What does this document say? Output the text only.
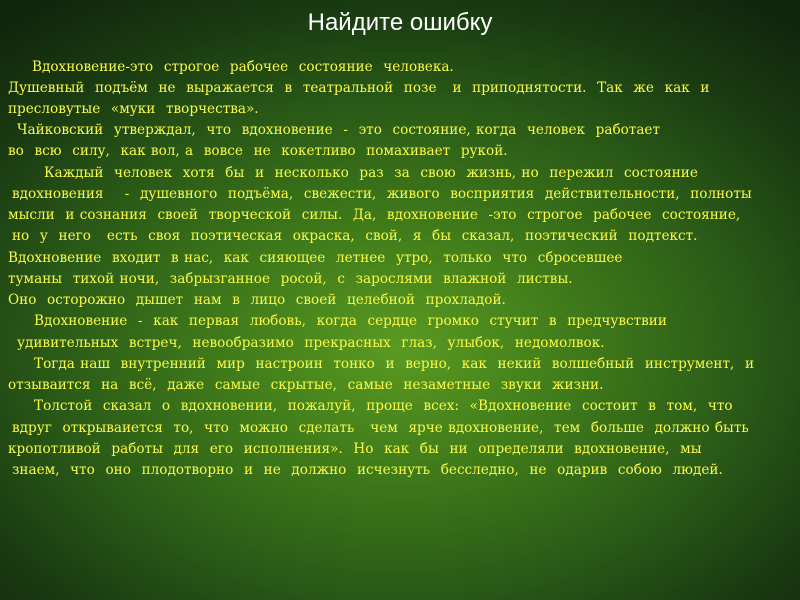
Найдите ошибку
Вдохновение-это  строгое  рабочее  состояние  человека.
Душевный  подъём  не  выражается  в  театральной  позе   и  приподнятости.  Так  же  как  и
пресловутые  «муки  творчества».
Чайковский  утверждал,  что  вдохновение  -  это  состояние, когда  человек  работает
во  всю  силу,  как вол, а  вовсе  не  кокетливо  помахивает  рукой.
Каждый  человек  хотя  бы  и  несколько  раз  за  свою  жизнь, но  пережил  состояние
вдохновения    -  душевного  подъёма,  свежести,  живого  восприятия  действительности,  полноты
мысли  и сознания  своей  творческой  силы.  Да,  вдохновение  -это  строгое  рабочее  состояние,
но  у  него   есть  своя  поэтическая  окраска,  свой,  я  бы  сказал,  поэтический  подтекст.
Вдохновение  входит  в нас,  как  сияющее  летнее  утро,  только  что  сбросевшее
туманы  тихой ночи,  забрызганное  росой,  с  зарослями  влажной  листвы.
Оно  осторожно  дышет  нам  в  лицо  своей  целебной  прохладой.
Вдохновение  -  как  первая  любовь,  когда  сердце  громко  стучит  в  предчувствии
удивительных  встреч,  невообразимо  прекрасных  глаз,  улыбок,  недомолвок.
Тогда наш  внутренний  мир  настроин  тонко  и  верно,  как  некий  волшебный  инструмент,  и
отзываится  на  всё,  даже  самые  скрытые,  самые  незаметные  звуки  жизни.
Толстой  сказал  о  вдохновении,  пожалуй,  проще  всех:  «Вдохновение  состоит  в  том,  что
вдруг  открываиется  то,  что  можно  сделать   чем  ярче вдохновение,  тем  больше  должно быть
кропотливой  работы  для  его  исполнения».  Но  как  бы  ни  определяли  вдохновение,  мы
знаем,  что  оно  плодотворно  и  не  должно  исчезнуть  бесследно,  не  одарив  собою  людей.
